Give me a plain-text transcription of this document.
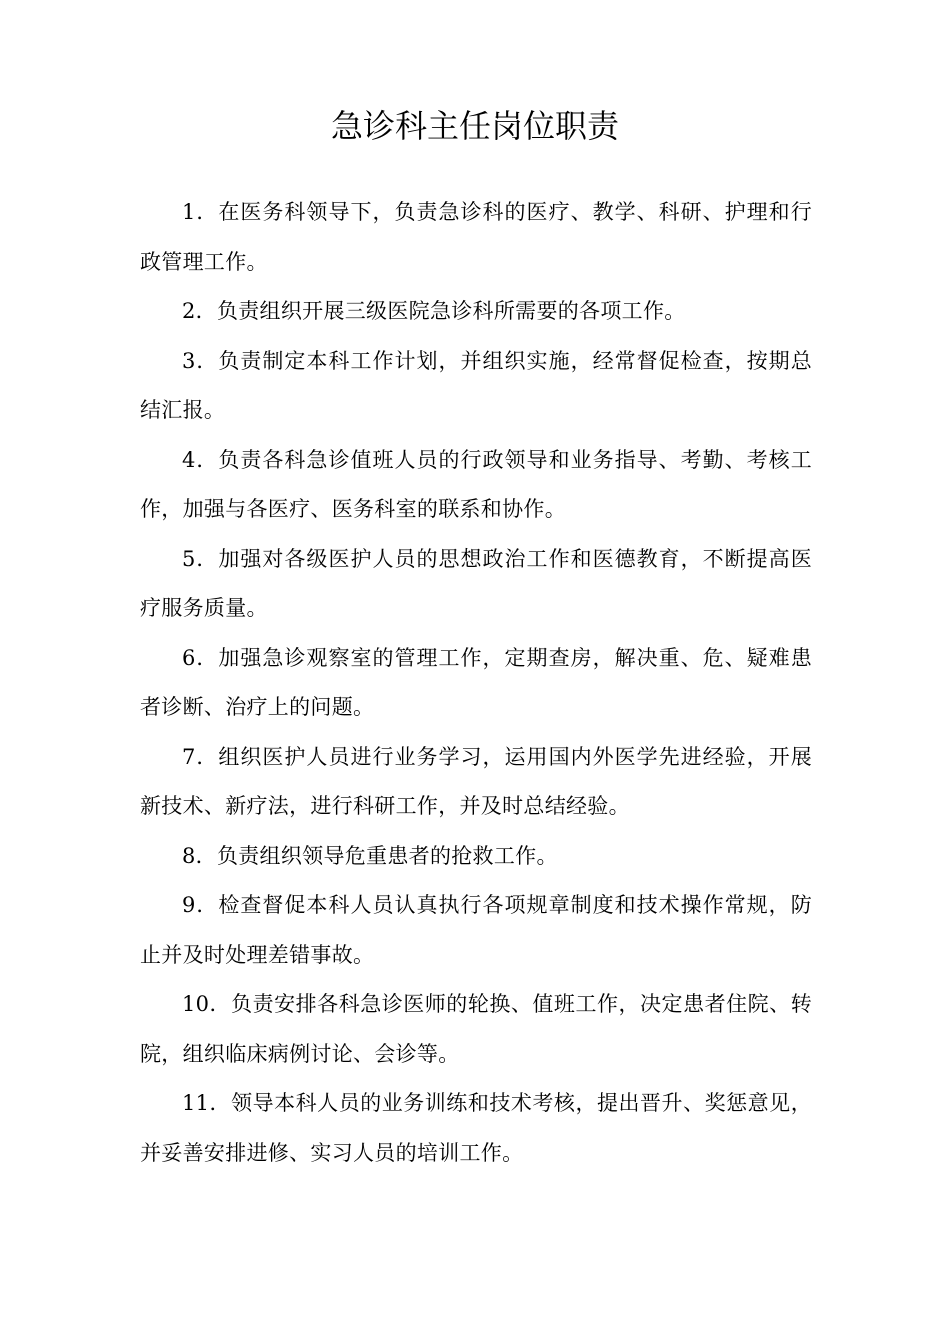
急诊科主任岗位职责

1．在医务科领导下，负责急诊科的医疗、教学、科研、护理和行政管理工作。

2．负责组织开展三级医院急诊科所需要的各项工作。

3．负责制定本科工作计划，并组织实施，经常督促检查，按期总结汇报。

4．负责各科急诊值班人员的行政领导和业务指导、考勤、考核工作，加强与各医疗、医务科室的联系和协作。

5．加强对各级医护人员的思想政治工作和医德教育，不断提高医疗服务质量。

6．加强急诊观察室的管理工作，定期查房，解决重、危、疑难患者诊断、治疗上的问题。

7．组织医护人员进行业务学习，运用国内外医学先进经验，开展新技术、新疗法，进行科研工作，并及时总结经验。

8．负责组织领导危重患者的抢救工作。

9．检查督促本科人员认真执行各项规章制度和技术操作常规，防止并及时处理差错事故。

10．负责安排各科急诊医师的轮换、值班工作，决定患者住院、转院，组织临床病例讨论、会诊等。

11．领导本科人员的业务训练和技术考核，提出晋升、奖惩意见，并妥善安排进修、实习人员的培训工作。
